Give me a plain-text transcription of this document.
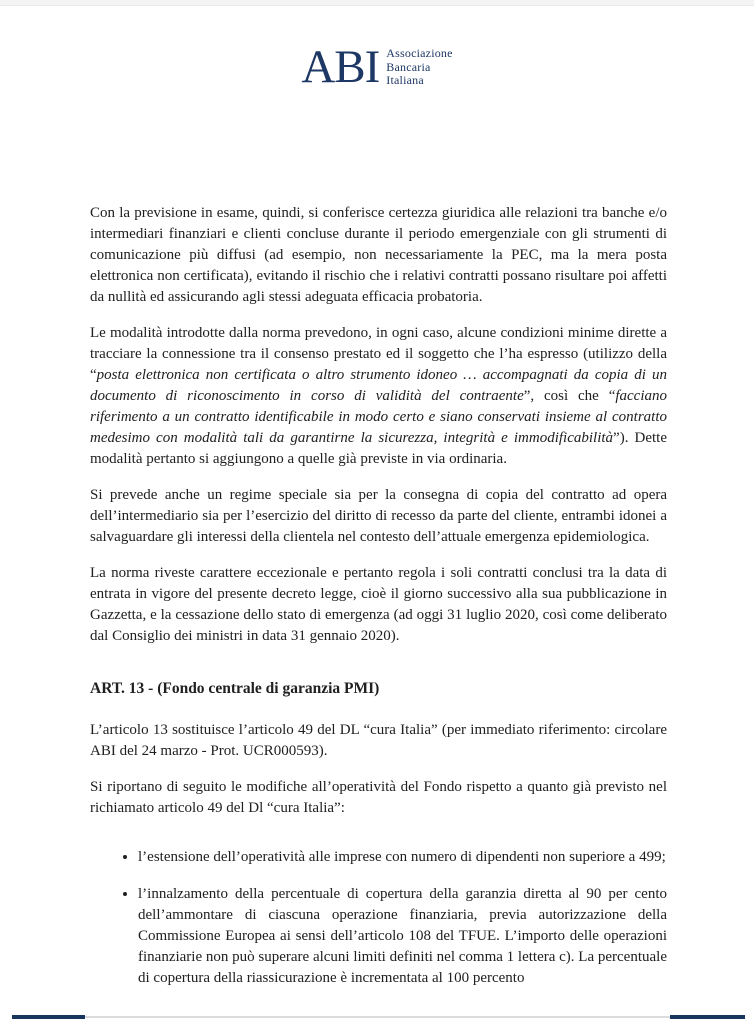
ABI Associazione
Bancaria
Italiana

Con la previsione in esame, quindi, si conferisce certezza giuridica alle relazioni tra banche e/o intermediari finanziari e clienti concluse durante il periodo emergenziale con gli strumenti di comunicazione più diffusi (ad esempio, non necessariamente la PEC, ma la mera posta elettronica non certificata), evitando il rischio che i relativi contratti possano risultare poi affetti da nullità ed assicurando agli stessi adeguata efficacia probatoria.

Le modalità introdotte dalla norma prevedono, in ogni caso, alcune condizioni minime dirette a tracciare la connessione tra il consenso prestato ed il soggetto che l’ha espresso (utilizzo della “posta elettronica non certificata o altro strumento idoneo … accompagnati da copia di un documento di riconoscimento in corso di validità del contraente”, così che “facciano riferimento a un contratto identificabile in modo certo e siano conservati insieme al contratto medesimo con modalità tali da garantirne la sicurezza, integrità e immodificabilità”). Dette modalità pertanto si aggiungono a quelle già previste in via ordinaria.

Si prevede anche un regime speciale sia per la consegna di copia del contratto ad opera dell’intermediario sia per l’esercizio del diritto di recesso da parte del cliente, entrambi idonei a salvaguardare gli interessi della clientela nel contesto dell’attuale emergenza epidemiologica.

La norma riveste carattere eccezionale e pertanto regola i soli contratti conclusi tra la data di entrata in vigore del presente decreto legge, cioè il giorno successivo alla sua pubblicazione in Gazzetta, e la cessazione dello stato di emergenza (ad oggi 31 luglio 2020, così come deliberato dal Consiglio dei ministri in data 31 gennaio 2020).

ART. 13 - (Fondo centrale di garanzia PMI)

L’articolo 13 sostituisce l’articolo 49 del DL “cura Italia” (per immediato riferimento: circolare ABI del 24 marzo - Prot. UCR000593).

Si riportano di seguito le modifiche all’operatività del Fondo rispetto a quanto già previsto nel richiamato articolo 49 del Dl “cura Italia”:

• l’estensione dell’operatività alle imprese con numero di dipendenti non superiore a 499;
• l’innalzamento della percentuale di copertura della garanzia diretta al 90 per cento dell’ammontare di ciascuna operazione finanziaria, previa autorizzazione della Commissione Europea ai sensi dell’articolo 108 del TFUE. L’importo delle operazioni finanziarie non può superare alcuni limiti definiti nel comma 1 lettera c). La percentuale di copertura della riassicurazione è incrementata al 100 percento
